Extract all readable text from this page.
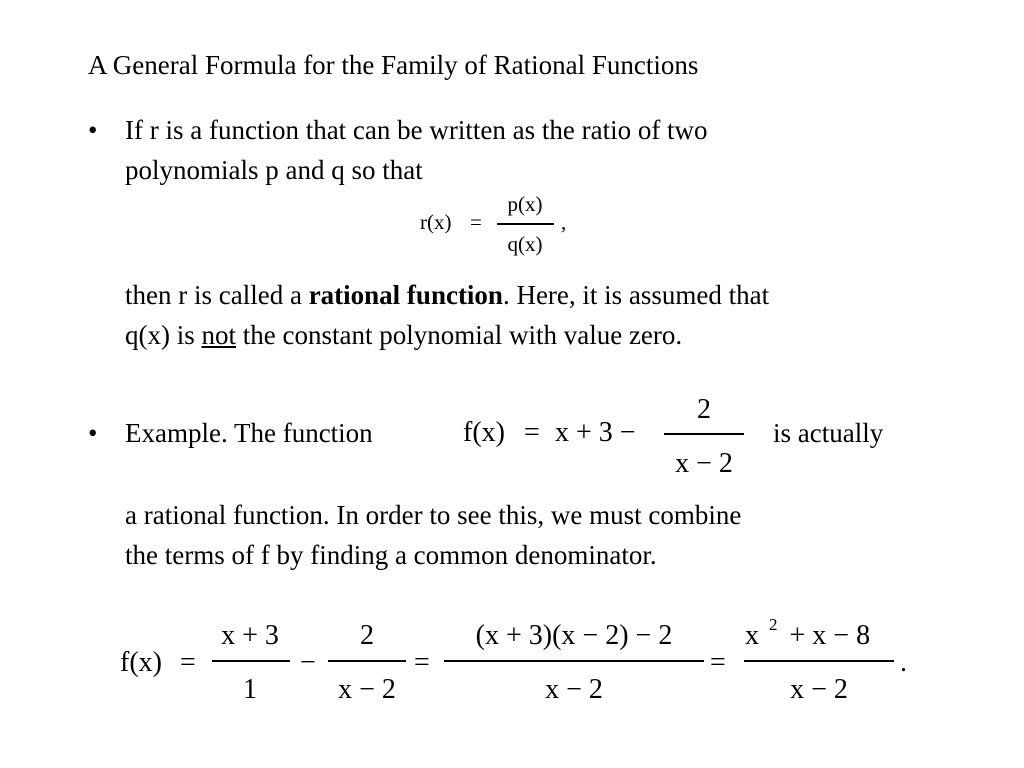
A General Formula for the Family of Rational Functions
• If r is a function that can be written as the ratio of two
polynomials p and q so that
r(x) =
p(x)
q(x)
,
then r is called a rational function. Here, it is assumed that
q(x) is not the constant polynomial with value zero.
• Example. The function	f(x) = x + 3 −
2
x − 2
is actually
a rational function. In order to see this, we must combine
the terms of f by finding a common denominator.
f(x) =
x + 3
1
−
2
x − 2
=
(x + 3)(x − 2) − 2
x − 2
=
x $^2$ + x − 8
x − 2
.
